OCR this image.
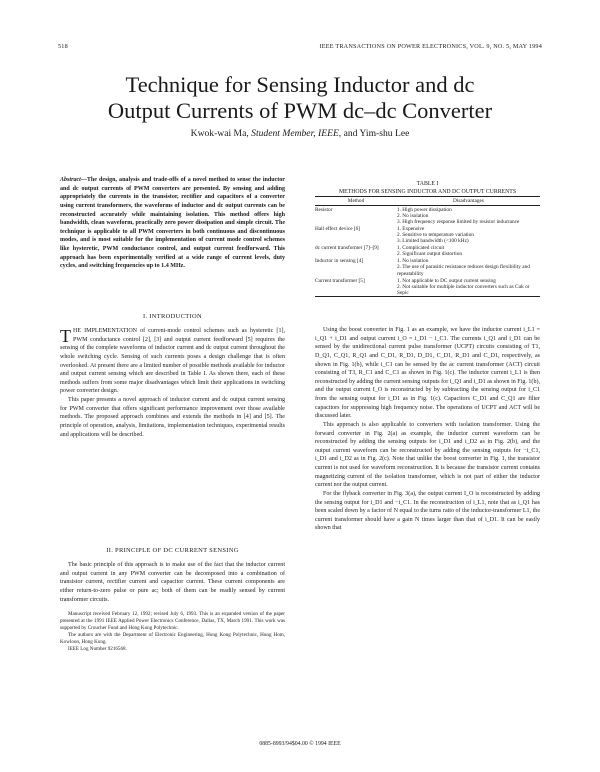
518	IEEE TRANSACTIONS ON POWER ELECTRONICS, VOL. 9, NO. 5, MAY 1994
Technique for Sensing Inductor and dc
Output Currents of PWM dc–dc Converter
Kwok-wai Ma, Student Member, IEEE, and Yim-shu Lee
Abstract—The design, analysis and trade-offs of a novel method to sense the inductor and dc output currents of PWM converters are presented. By sensing and adding appropriately the currents in the transistor, rectifier and capacitors of a converter using current transformers, the waveforms of inductor and dc output currents can be reconstructed accurately while maintaining isolation. This method offers high bandwidth, clean waveform, practically zero power dissipation and simple circuit. The technique is applicable to all PWM converters in both continuous and discontinuous modes, and is most suitable for the implementation of current mode control schemes like hysteretic, PWM conductance control, and output current feedforward. This approach has been experimentally verified at a wide range of current levels, duty cycles, and switching frequencies up to 1.4 MHz.
I. INTRODUCTION

THE IMPLEMENTATION of current-mode control schemes such as hysteretic [1], PWM conductance control [2], [3] and output current feedforward [5] requires the sensing of the complete waveforms of inductor current and dc output current throughout the whole switching cycle. Sensing of such currents poses a design challenge that is often overlooked. At present there are a limited number of possible methods available for inductor and output current sensing which are described in Table I. As shown there, each of these methods suffers from some major disadvantages which limit their applications in switching power converter design.

This paper presents a novel approach of inductor current and dc output current sensing for PWM converter that offers significant performance improvement over those available methods. The proposed approach combines and extends the methods in [4] and [5]. The principle of operation, analysis, limitations, implementation techniques, experimental results and applications will be described.

II. PRINCIPLE OF DC CURRENT SENSING

The basic principle of this approach is to make use of the fact that the inductor current and output current in any PWM converter can be decomposed into a combination of transistor current, rectifier current and capacitor current. These current components are either return-to-zero pulse or pure ac; both of them can be readily sensed by current transformer circuits.

Manuscript received February 12, 1992; revised July 6, 1993. This is an expanded version of the paper presented at the 1991 IEEE Applied Power Electronics Conference, Dallas, TX, March 1991. This work was supported by Croucher Fund and Hong Kong Polytechnic.

The authors are with the Department of Electronic Engineering, Hong Kong Polytechnic, Hung Hom, Kowloon, Hong Kong.

IEEE Log Number 9216568.

TABLE I
METHODS FOR SENSING INDUCTOR AND DC OUTPUT CURRENTS
Method	Disadvantages
Resistor	1. High power dissipation
2. No isolation
3. High frequency response limited by resistor inductance
Hall effect device [6]	1. Expensive
2. Sensitive to temperature variation
3. Limited bandwidth (<100 kHz)
dc current transformer [7]–[9]	1. Complicated circuit
2. Significant output distortion
Inductor in sensing [4]	1. No isolation
2. The use of parasitic resistance reduces design flexibility and repeatability
Current transformer [5]	1. Not applicable to DC output current sensing
2. Not suitable for multiple inductor converters such as Cuk or Sepic

Using the boost converter in Fig. 1 as an example, we have the inductor current i_L1 = i_Q1 + i_D1 and output current i_O = i_D1 − i_C1. The currents i_Q1 and i_D1 can be sensed by the unidirectional current pulse transformer (UCPT) circuits consisting of T1, D_Q1, C_Q1, R_Q1 and C_D1, R_D1, D_D1, C_D1, R_D1 and C_D1, respectively, as shown in Fig. 1(b), while i_C1 can be sensed by the ac current transformer (ACT) circuit consisting of T3, R_C1 and C_C1 as shown in Fig. 1(c). The inductor current i_L1 is then reconstructed by adding the current sensing outputs for i_Q1 and i_D1 as shown in Fig. 1(b), and the output current I_O is reconstructed by by subtracting the sensing output for i_C1 from the sensing output for i_D1 as in Fig. 1(c). Capacitors C_D1 and C_Q1 are filter capacitors for suppressing high frequency noise. The operations of UCPT and ACT will be discussed later.

This approach is also applicable to converters with isolation transformer. Using the forward converter in Fig. 2(a) as example, the inductor current waveform can be reconstructed by adding the sensing outputs for i_D1 and i_D2 as in Fig. 2(b), and the output current waveform can be reconstructed by adding the sensing outputs for −i_C1, i_D1 and i_D2 as in Fig. 2(c). Note that unlike the boost converter in Fig. 1, the transistor current is not used for waveform reconstruction. It is because the transistor current contains magnetizing current of the isolation transformer, which is not part of either the inductor current nor the output current.

For the flyback converter in Fig. 3(a), the output current I_O is reconstructed by adding the sensing output for i_D1 and −i_C1. In the reconstruction of i_L1, note that as i_Q1 has been scaled down by a factor of N equal to the turns ratio of the inductor-transformer L1, the current transformer should have a gain N times larger than that of i_D1. It can be easily shown that

0885-8993/94$04.00 © 1994 IEEE
